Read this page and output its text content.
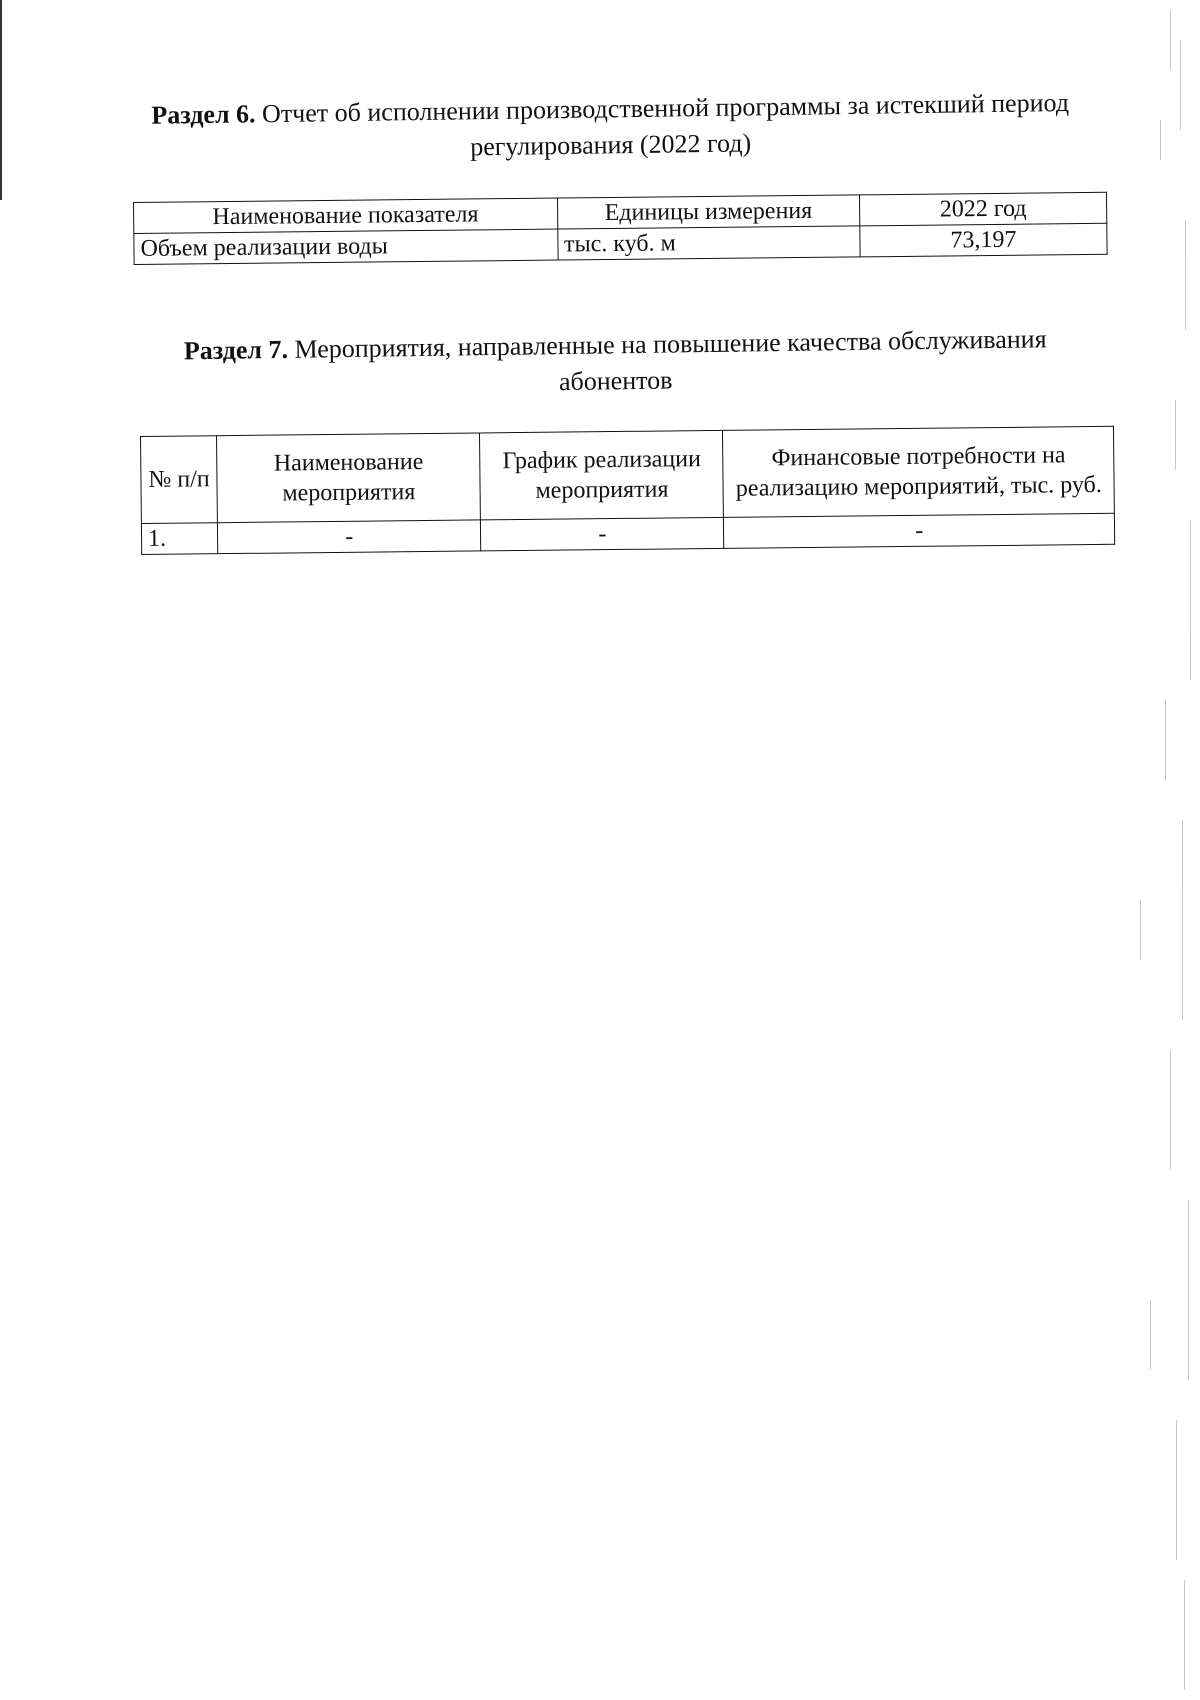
Раздел 6. Отчет об исполнении производственной программы за истекший период регулирования (2022 год)
Наименование показателя	Единицы измерения	2022 год
Объем реализации воды	тыс. куб. м	73,197
Раздел 7. Мероприятия, направленные на повышение качества обслуживания абонентов
№ п/п	Наименование мероприятия	График реализации мероприятия	Финансовые потребности на реализацию мероприятий, тыс. руб.
1.	-	-	-
